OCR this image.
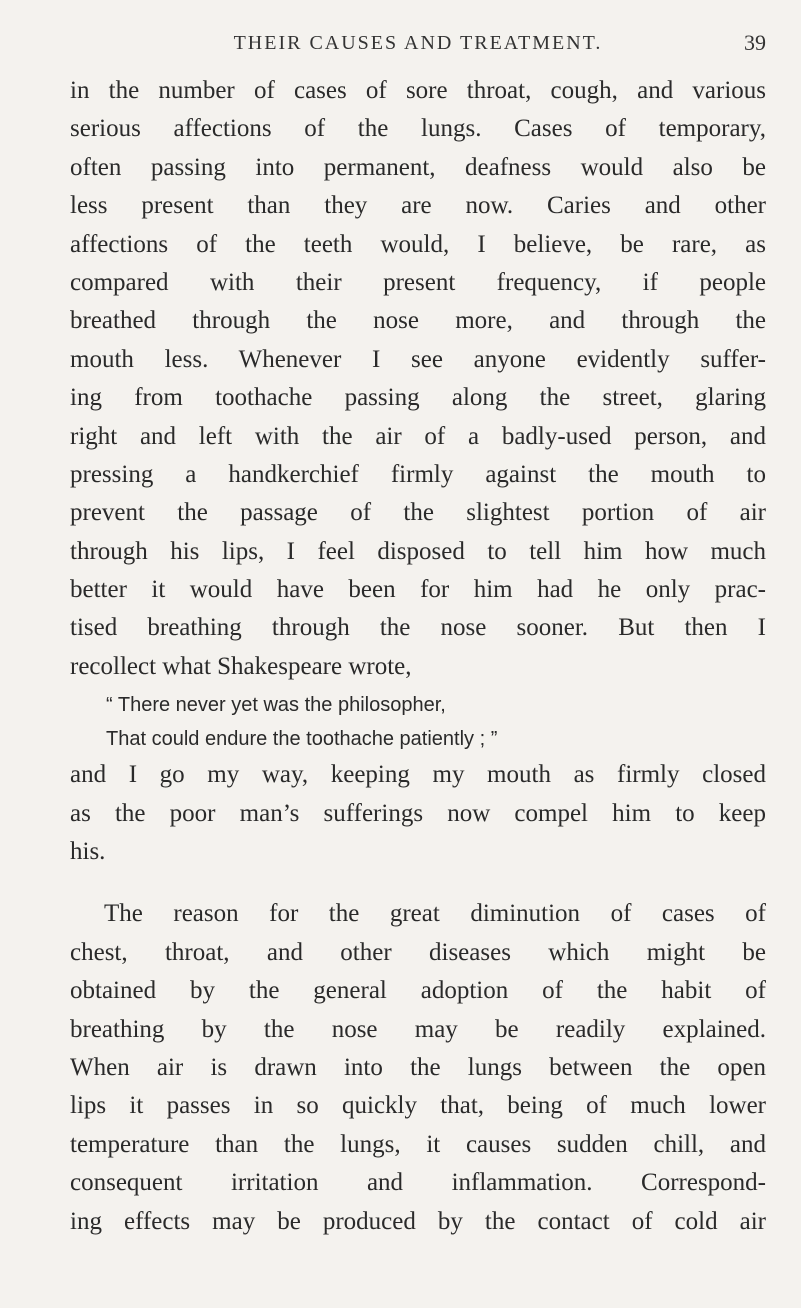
THEIR CAUSES AND TREATMENT.	39
in the number of cases of sore throat, cough, and various
serious affections of the lungs. Cases of temporary,
often passing into permanent, deafness would also be
less present than they are now. Caries and other
affections of the teeth would, I believe, be rare, as
compared with their present frequency, if people
breathed through the nose more, and through the
mouth less. Whenever I see anyone evidently suffer-
ing from toothache passing along the street, glaring
right and left with the air of a badly-used person, and
pressing a handkerchief firmly against the mouth to
prevent the passage of the slightest portion of air
through his lips, I feel disposed to tell him how much
better it would have been for him had he only prac-
tised breathing through the nose sooner. But then I
recollect what Shakespeare wrote,
“ There never yet was the philosopher,
That could endure the toothache patiently ; ”
and I go my way, keeping my mouth as firmly closed
as the poor man’s sufferings now compel him to keep
his.
The reason for the great diminution of cases of
chest, throat, and other diseases which might be
obtained by the general adoption of the habit of
breathing by the nose may be readily explained.
When air is drawn into the lungs between the open
lips it passes in so quickly that, being of much lower
temperature than the lungs, it causes sudden chill, and
consequent irritation and inflammation. Correspond-
ing effects may be produced by the contact of cold air
